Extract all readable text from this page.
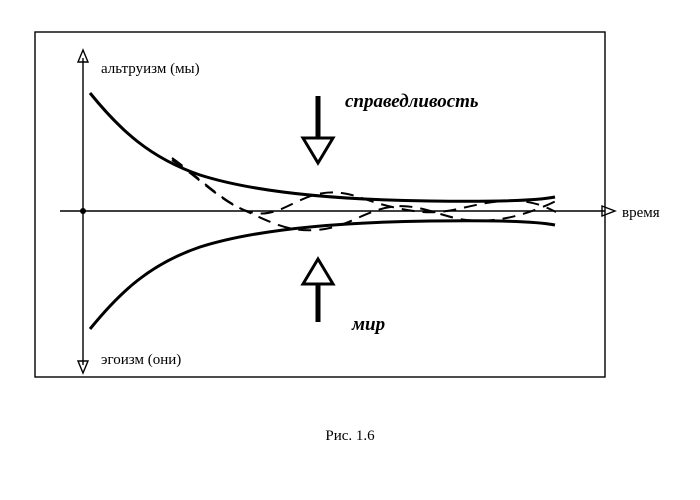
альтруизм (мы)
эгоизм (они)
время
справедливость
мир
Рис. 1.6
